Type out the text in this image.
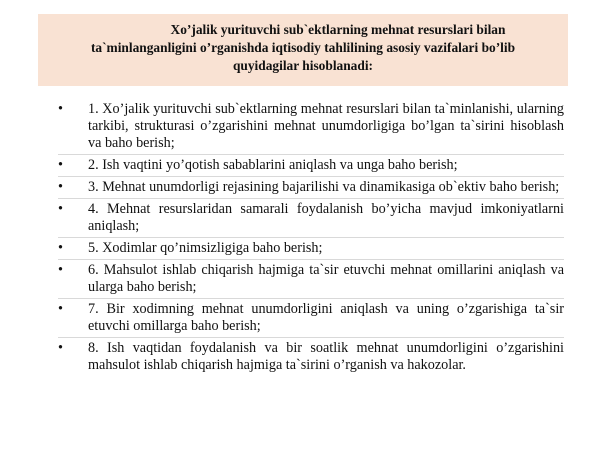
Xo’jalik yurituvchi sub`ektlarning mehnat resurslari bilan
ta`minlanganligini o’rganishda iqtisodiy tahlilining asosiy vazifalari bo’lib
quyidagilar hisoblanadi:
• 1. Xo’jalik yurituvchi sub`ektlarning mehnat resurslari bilan ta`minlanishi, ularning tarkibi, strukturasi o’zgarishini mehnat unumdorligiga bo’lgan ta`sirini hisoblash va baho berish;
• 2. Ish vaqtini yo’qotish sabablarini aniqlash va unga baho berish;
• 3. Mehnat unumdorligi rejasining bajarilishi va dinamikasiga ob`ektiv baho berish;
• 4. Mehnat resurslaridan samarali foydalanish bo’yicha mavjud imkoniyatlarni aniqlash;
• 5. Xodimlar qo’nimsizligiga baho berish;
• 6. Mahsulot ishlab chiqarish hajmiga ta`sir etuvchi mehnat omillarini aniqlash va ularga baho berish;
• 7. Bir xodimning mehnat unumdorligini aniqlash va uning o’zgarishiga ta`sir etuvchi omillarga baho berish;
• 8. Ish vaqtidan foydalanish va bir soatlik mehnat unumdorligini o’zgarishini mahsulot ishlab chiqarish hajmiga ta`sirini o’rganish va hakozolar.
